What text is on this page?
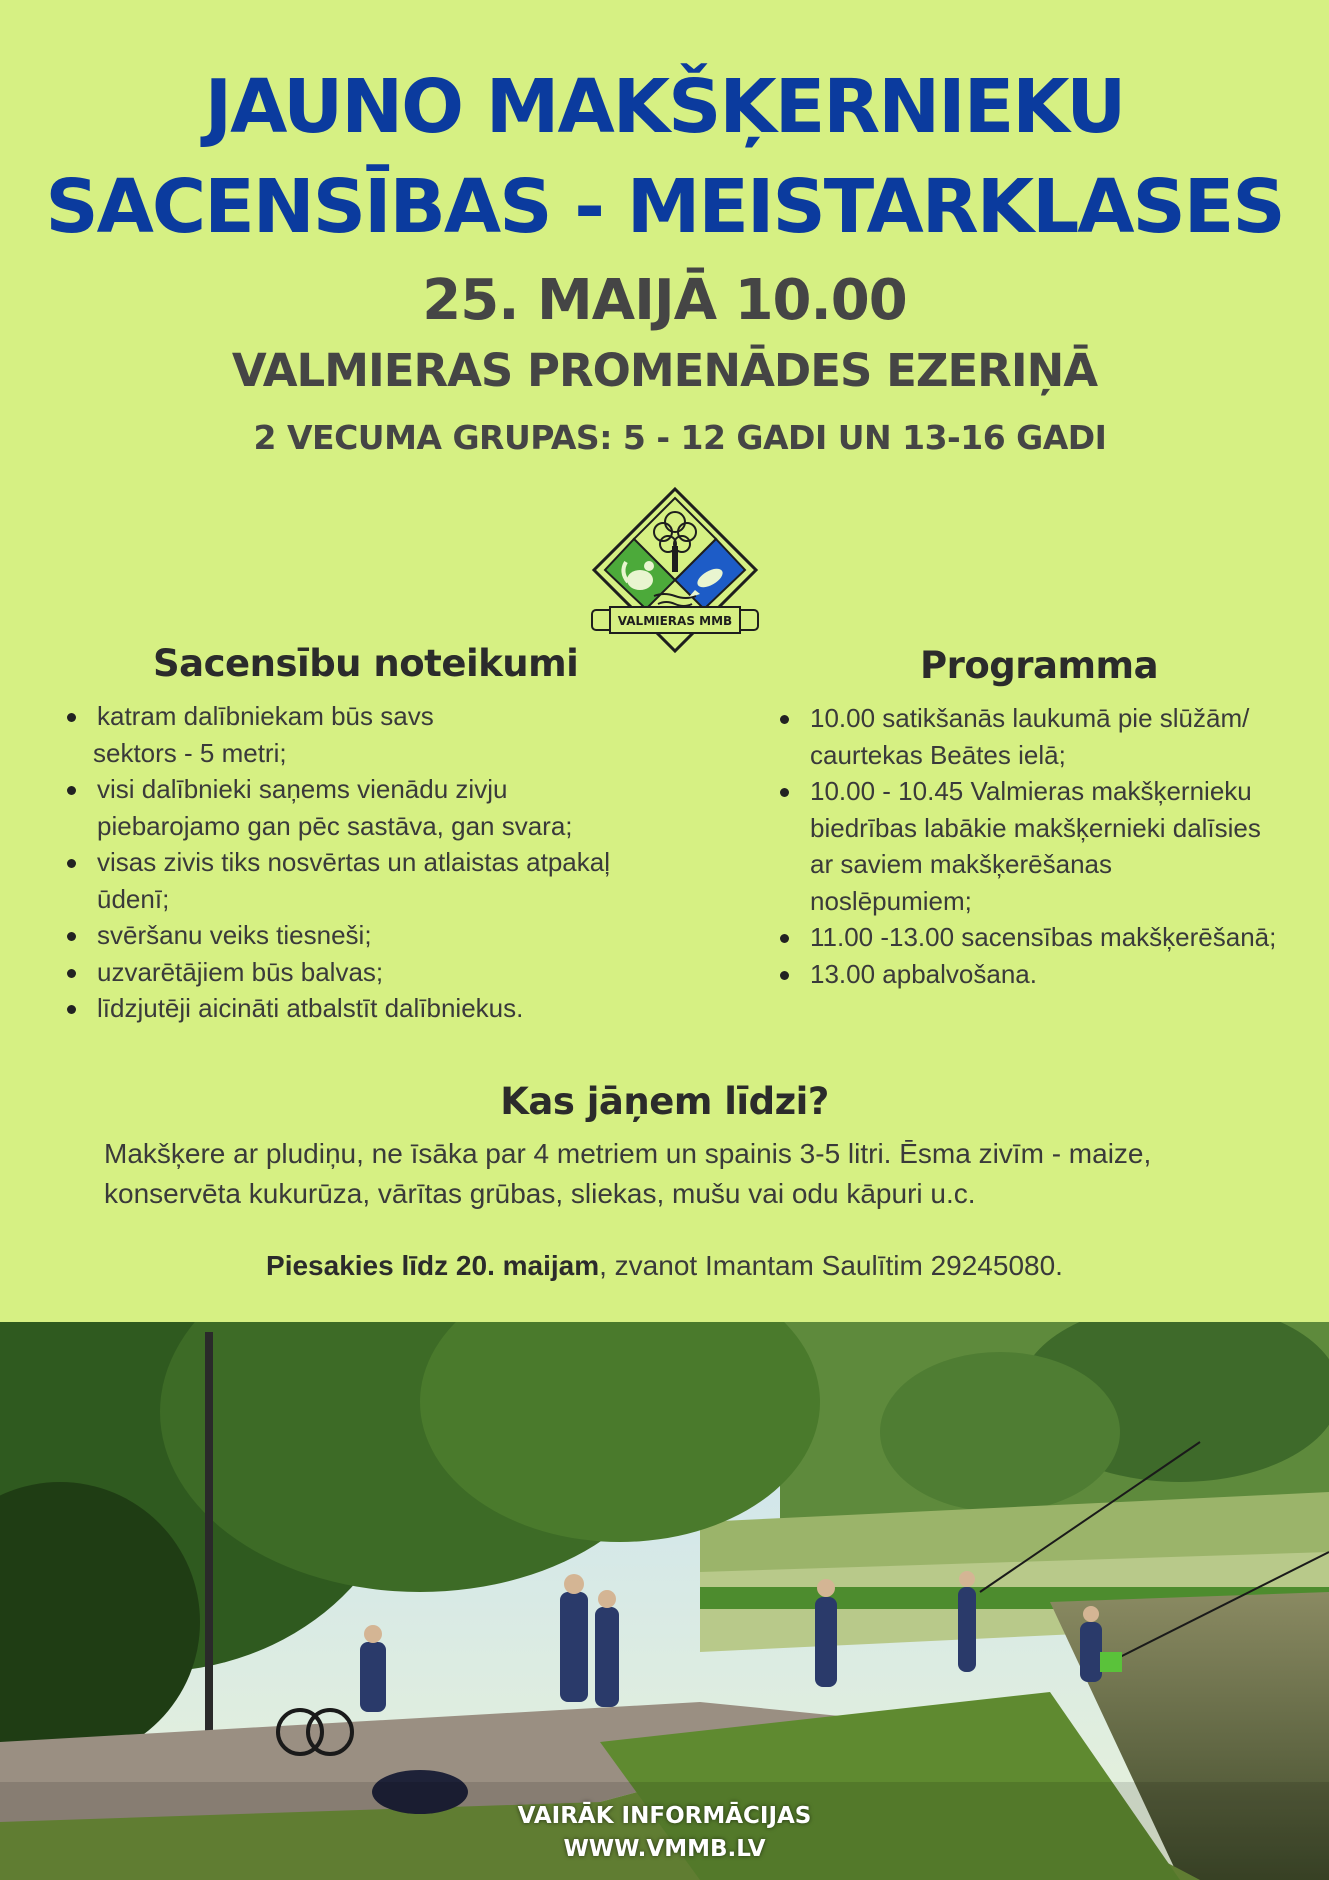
JAUNO MAKŠĶERNIEKU
SACENSĪBAS - MEISTARKLASES
25. MAIJĀ 10.00
VALMIERAS PROMENĀDES EZERIŅĀ
2 VECUMA GRUPAS: 5 - 12 GADI UN 13-16 GADI
VALMIERAS MMB
Sacensību noteikumi
katram dalībniekam būs savs
sektors - 5 metri;
visi dalībnieki saņems vienādu zivju
piebarojamo gan pēc sastāva, gan svara;
visas zivis tiks nosvērtas un atlaistas atpakaļ
ūdenī;
svēršanu veiks tiesneši;
uzvarētājiem būs balvas;
līdzjutēji aicināti atbalstīt dalībniekus.
Programma
10.00 satikšanās laukumā pie slūžām/
caurtekas Beātes ielā;
10.00 - 10.45 Valmieras makšķernieku
biedrības labākie makšķernieki dalīsies
ar saviem makšķerēšanas
noslēpumiem;
11.00 -13.00 sacensības makšķerēšanā;
13.00 apbalvošana.
Kas jāņem līdzi?
Makšķere ar pludiņu, ne īsāka par 4 metriem un spainis 3-5 litri. Ēsma zivīm - maize,
konservēta kukurūza, vārītas grūbas, sliekas, mušu vai odu kāpuri u.c.
Piesakies līdz 20. maijam, zvanot Imantam Saulītim 29245080.
VAIRĀK INFORMĀCIJAS
WWW.VMMB.LV
